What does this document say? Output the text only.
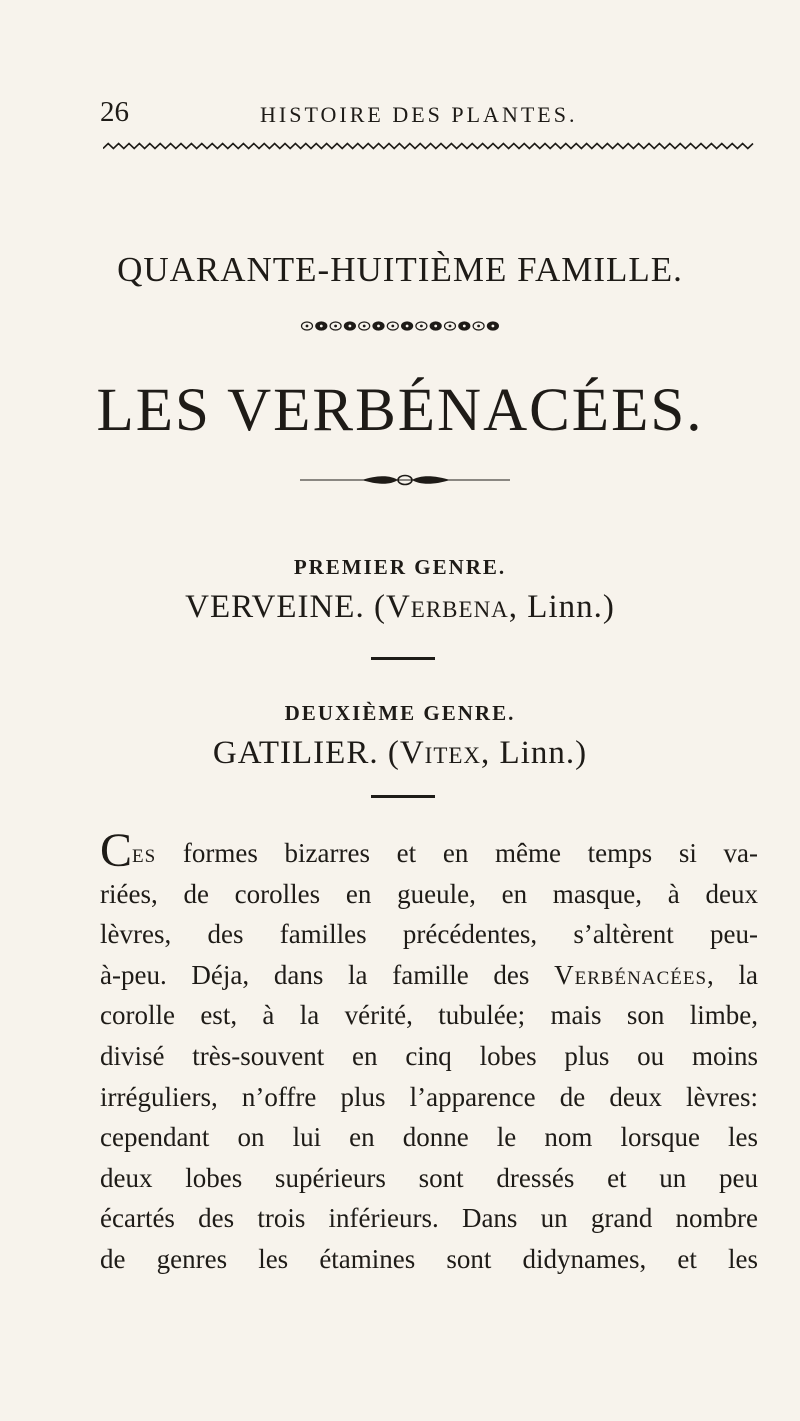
26	HISTOIRE DES PLANTES.
QUARANTE-HUITIÈME FAMILLE.
LES VERBÉNACÉES.
PREMIER GENRE.
VERVEINE. (Verbena, Linn.)
DEUXIÈME GENRE.
GATILIER. (Vitex, Linn.)
Ces formes bizarres et en même temps si va-
riées, de corolles en gueule, en masque, à deux
lèvres, des familles précédentes, s’altèrent peu-
à-peu. Déja, dans la famille des Verbénacées, la
corolle est, à la vérité, tubulée; mais son limbe,
divisé très-souvent en cinq lobes plus ou moins
irréguliers, n’offre plus l’apparence de deux lèvres:
cependant on lui en donne le nom lorsque les
deux lobes supérieurs sont dressés et un peu
écartés des trois inférieurs. Dans un grand nombre
de genres les étamines sont didynames, et les
